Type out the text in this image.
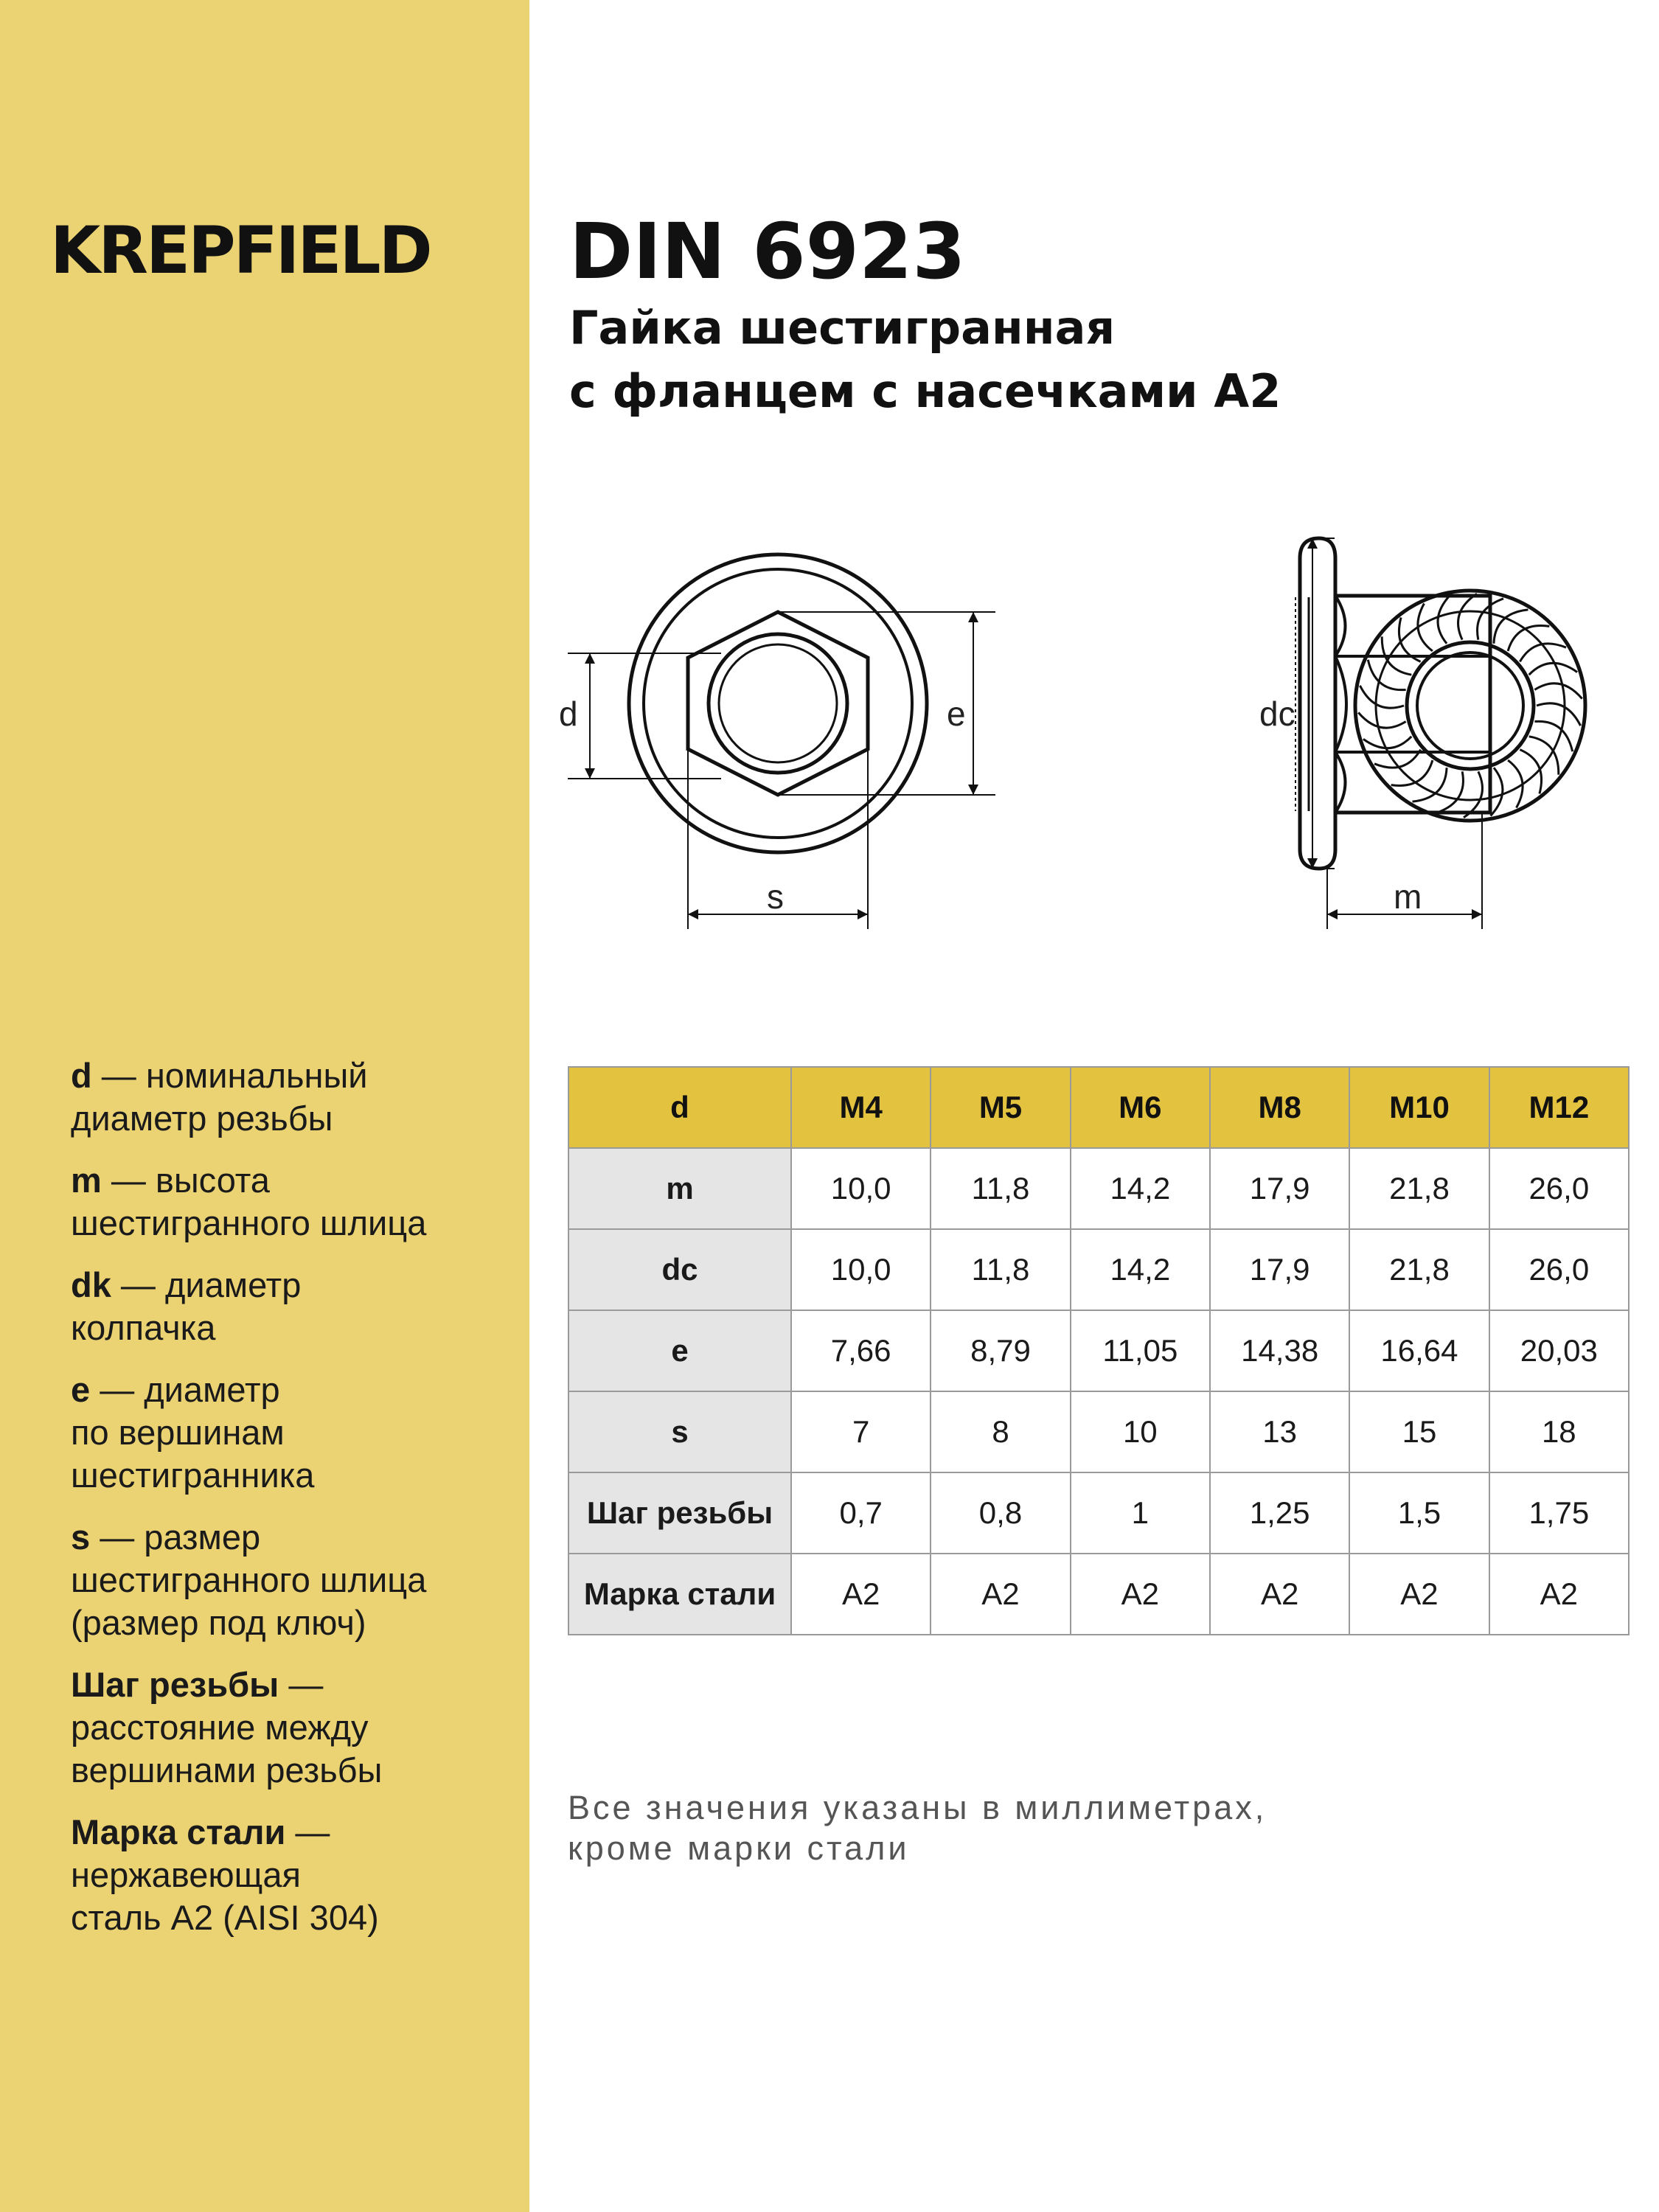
KREPFIELD
d — номинальный
диаметр резьбы
m — высота
шестигранного шлица
dk — диаметр
колпачка
e — диаметр
по вершинам
шестигранника
s — размер
шестигранного шлица
(размер под ключ)
Шаг резьбы —
расстояние между
вершинами резьбы
Марка стали —
нержавеющая
сталь А2 (AISI 304)
DIN 6923
Гайка шестигранная
с фланцем с насечками А2
d	e
s	m
dc
d	M4	M5	M6	M8	M10	M12
m	10,0	11,8	14,2	17,9	21,8	26,0
dc	10,0	11,8	14,2	17,9	21,8	26,0
e	7,66	8,79	11,05	14,38	16,64	20,03
s	7	8	10	13	15	18
Шаг резьбы	0,7	0,8	1	1,25	1,5	1,75
Марка стали	A2	A2	A2	A2	A2	A2
Все значения указаны в миллиметрах,
кроме марки стали
